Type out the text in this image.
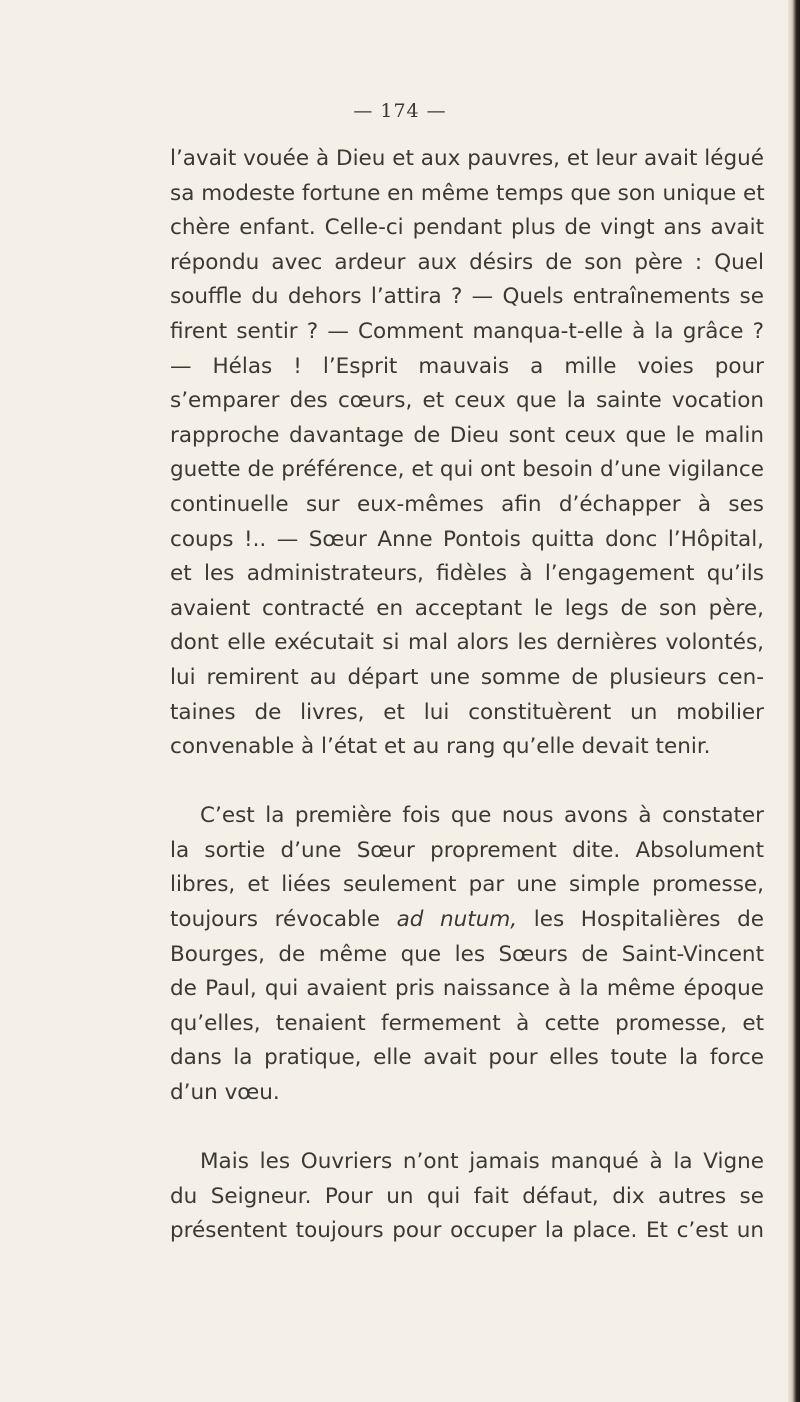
— 174 —
l’avait vouée à Dieu et aux pauvres, et leur avait légué
sa modeste fortune en même temps que son unique et
chère enfant. Celle-ci pendant plus de vingt ans avait
répondu avec ardeur aux désirs de son père : Quel
souffle du dehors l’attira ? — Quels entraînements se
firent sentir ? — Comment manqua-t-elle à la grâce ?
— Hélas ! l’Esprit mauvais a mille voies pour
s’emparer des cœurs, et ceux que la sainte vocation
rapproche davantage de Dieu sont ceux que le malin
guette de préférence, et qui ont besoin d’une vigilance
continuelle sur eux-mêmes afin d’échapper à ses
coups !.. — Sœur Anne Pontois quitta donc l’Hôpital,
et les administrateurs, fidèles à l’engagement qu’ils
avaient contracté en acceptant le legs de son père,
dont elle exécutait si mal alors les dernières volontés,
lui remirent au départ une somme de plusieurs cen-
taines de livres, et lui constituèrent un mobilier
convenable à l’état et au rang qu’elle devait tenir.
C’est la première fois que nous avons à constater
la sortie d’une Sœur proprement dite. Absolument
libres, et liées seulement par une simple promesse,
toujours révocable ad nutum, les Hospitalières de
Bourges, de même que les Sœurs de Saint-Vincent
de Paul, qui avaient pris naissance à la même époque
qu’elles, tenaient fermement à cette promesse, et
dans la pratique, elle avait pour elles toute la force
d’un vœu.
Mais les Ouvriers n’ont jamais manqué à la Vigne
du Seigneur. Pour un qui fait défaut, dix autres se
présentent toujours pour occuper la place. Et c’est un
